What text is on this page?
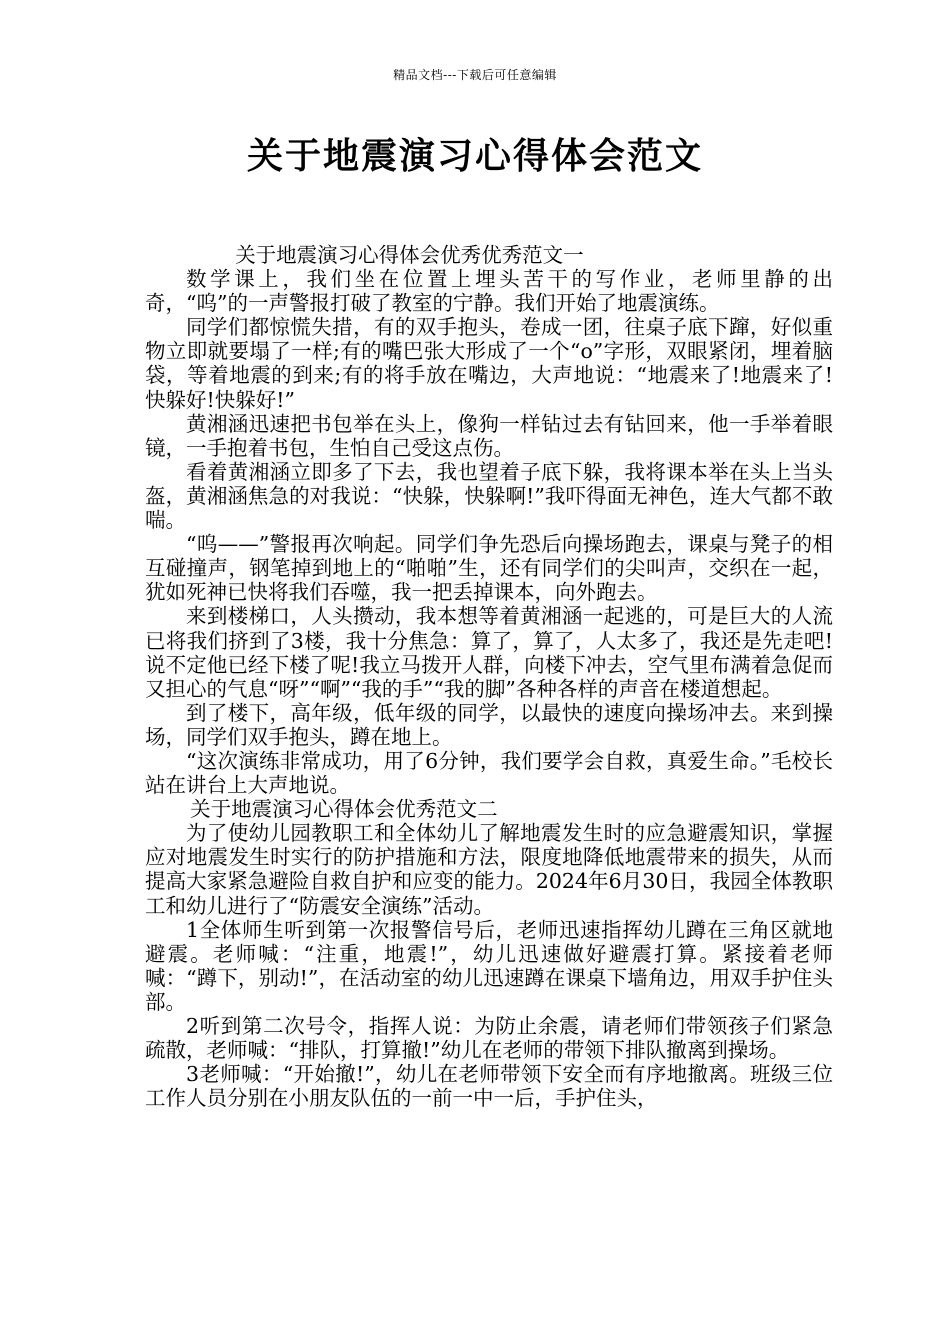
精品文档---下载后可任意编辑
关于地震演习心得体会范文

关于地震演习心得体会优秀优秀范文一

数学课上，我们坐在位置上埋头苦干的写作业，老师里静的出奇，“呜”的一声警报打破了教室的宁静。我们开始了地震演练。

同学们都惊慌失措，有的双手抱头，卷成一团，往桌子底下蹿，好似重物立即就要塌了一样;有的嘴巴张大形成了一个“o”字形，双眼紧闭，埋着脑袋，等着地震的到来;有的将手放在嘴边，大声地说：“地震来了!地震来了!快躲好!快躲好!”

黄湘涵迅速把书包举在头上，像狗一样钻过去有钻回来，他一手举着眼镜，一手抱着书包，生怕自己受这点伤。

看着黄湘涵立即多了下去，我也望着子底下躲，我将课本举在头上当头盔，黄湘涵焦急的对我说：“快躲，快躲啊!”我吓得面无神色，连大气都不敢喘。

“呜——”警报再次响起。同学们争先恐后向操场跑去，课桌与凳子的相互碰撞声，钢笔掉到地上的“啪啪”生，还有同学们的尖叫声，交织在一起，犹如死神已快将我们吞噬，我一把丢掉课本，向外跑去。

来到楼梯口，人头攒动，我本想等着黄湘涵一起逃的，可是巨大的人流已将我们挤到了3楼，我十分焦急：算了，算了，人太多了，我还是先走吧!说不定他已经下楼了呢!我立马拨开人群，向楼下冲去，空气里布满着急促而又担心的气息“呀”“啊”“我的手”“我的脚”各种各样的声音在楼道想起。

到了楼下，高年级，低年级的同学，以最快的速度向操场冲去。来到操场，同学们双手抱头，蹲在地上。

“这次演练非常成功，用了6分钟，我们要学会自救，真爱生命。”毛校长站在讲台上大声地说。

关于地震演习心得体会优秀范文二

为了使幼儿园教职工和全体幼儿了解地震发生时的应急避震知识，掌握应对地震发生时实行的防护措施和方法，限度地降低地震带来的损失，从而提高大家紧急避险自救自护和应变的能力。2024年6月30日，我园全体教职工和幼儿进行了“防震安全演练”活动。

1全体师生听到第一次报警信号后，老师迅速指挥幼儿蹲在三角区就地避震。老师喊：“注重，地震!”，幼儿迅速做好避震打算。紧接着老师喊：“蹲下，别动!”，在活动室的幼儿迅速蹲在课桌下墙角边，用双手护住头部。

2听到第二次号令，指挥人说：为防止余震，请老师们带领孩子们紧急疏散，老师喊：“排队，打算撤!”幼儿在老师的带领下排队撤离到操场。

3老师喊：“开始撤!”，幼儿在老师带领下安全而有序地撤离。班级三位工作人员分别在小朋友队伍的一前一中一后，手护住头，
